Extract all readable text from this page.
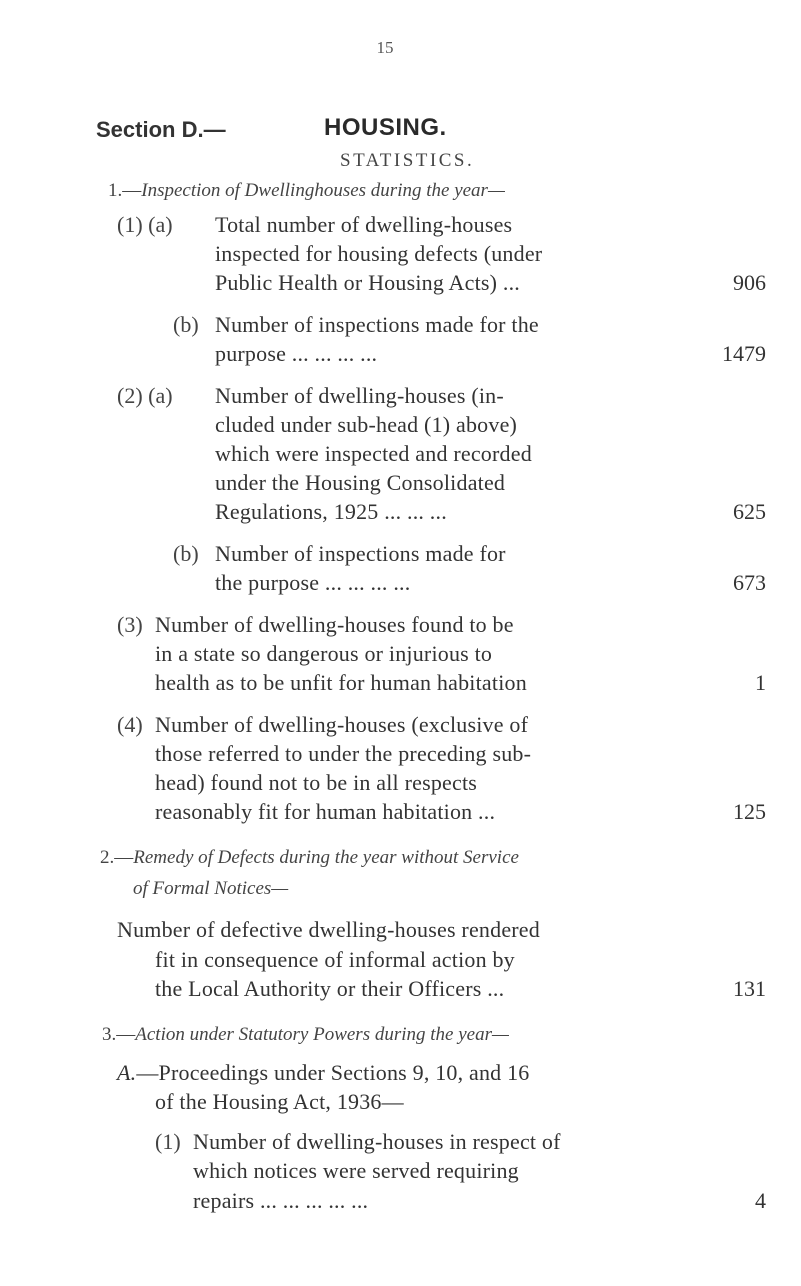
15
Section D.—	HOUSING.
STATISTICS.
1.—Inspection of Dwellinghouses during the year—
(1) (a) Total number of dwelling-houses
inspected for housing defects (under
Public Health or Housing Acts) ...	906
(b) Number of inspections made for the
purpose ... ... ... ...	1479
(2) (a) Number of dwelling-houses (in-
cluded under sub-head (1) above)
which were inspected and recorded
under the Housing Consolidated
Regulations, 1925 ... ... ...	625
(b) Number of inspections made for
the purpose ... ... ... ...	673
(3) Number of dwelling-houses found to be
in a state so dangerous or injurious to
health as to be unfit for human habitation	1
(4) Number of dwelling-houses (exclusive of
those referred to under the preceding sub-
head) found not to be in all respects
reasonably fit for human habitation ...	125
2.—Remedy of Defects during the year without Service
of Formal Notices—
Number of defective dwelling-houses rendered
fit in consequence of informal action by
the Local Authority or their Officers ...	131
3.—Action under Statutory Powers during the year—
A.—Proceedings under Sections 9, 10, and 16
of the Housing Act, 1936—
(1) Number of dwelling-houses in respect of
which notices were served requiring
repairs ... ... ... ... ...	4
